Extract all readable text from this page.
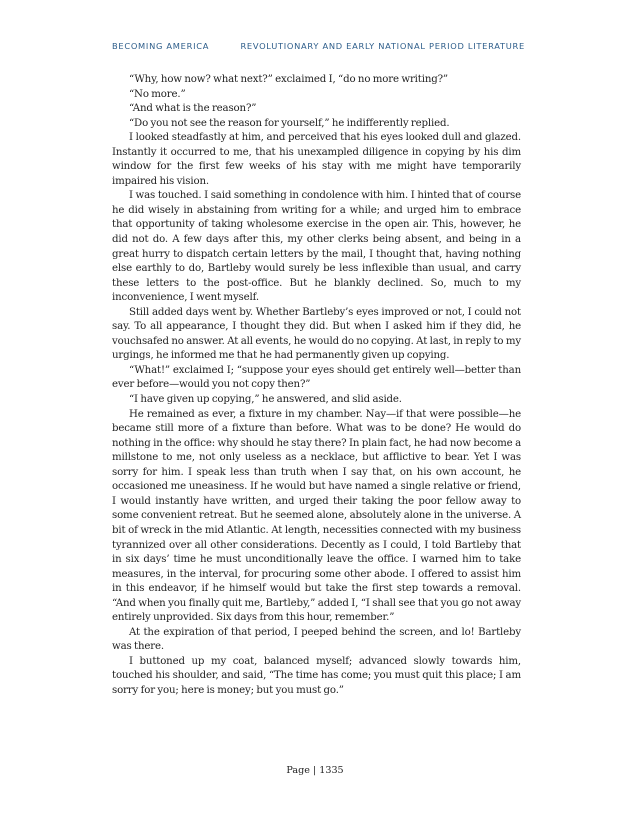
BECOMING AMERICA	REVOLUTIONARY AND EARLY NATIONAL PERIOD LITERATURE

“Why, how now? what next?” exclaimed I, “do no more writing?”

“No more.”

“And what is the reason?”

“Do you not see the reason for yourself,” he indifferently replied.

I looked steadfastly at him, and perceived that his eyes looked dull and glazed. Instantly it occurred to me, that his unexampled diligence in copying by his dim window for the first few weeks of his stay with me might have temporarily impaired his vision.

I was touched. I said something in condolence with him. I hinted that of course he did wisely in abstaining from writing for a while; and urged him to embrace that opportunity of taking wholesome exercise in the open air. This, however, he did not do. A few days after this, my other clerks being absent, and being in a great hurry to dispatch certain letters by the mail, I thought that, having nothing else earthly to do, Bartleby would surely be less inflexible than usual, and carry these letters to the post-office. But he blankly declined. So, much to my inconvenience, I went myself.

Still added days went by. Whether Bartleby’s eyes improved or not, I could not say. To all appearance, I thought they did. But when I asked him if they did, he vouchsafed no answer. At all events, he would do no copying. At last, in reply to my urgings, he informed me that he had permanently given up copying.

“What!” exclaimed I; “suppose your eyes should get entirely well—better than ever before—would you not copy then?”

“I have given up copying,” he answered, and slid aside.

He remained as ever, a fixture in my chamber. Nay—if that were possible—he became still more of a fixture than before. What was to be done? He would do nothing in the office: why should he stay there? In plain fact, he had now become a millstone to me, not only useless as a necklace, but afflictive to bear. Yet I was sorry for him. I speak less than truth when I say that, on his own account, he occasioned me uneasiness. If he would but have named a single relative or friend, I would instantly have written, and urged their taking the poor fellow away to some convenient retreat. But he seemed alone, absolutely alone in the universe. A bit of wreck in the mid Atlantic. At length, necessities connected with my business tyrannized over all other considerations. Decently as I could, I told Bartleby that in six days’ time he must unconditionally leave the office. I warned him to take measures, in the interval, for procuring some other abode. I offered to assist him in this endeavor, if he himself would but take the first step towards a removal. “And when you finally quit me, Bartleby,” added I, “I shall see that you go not away entirely unprovided. Six days from this hour, remember.”

At the expiration of that period, I peeped behind the screen, and lo! Bartleby was there.

I buttoned up my coat, balanced myself; advanced slowly towards him, touched his shoulder, and said, “The time has come; you must quit this place; I am sorry for you; here is money; but you must go.”

Page | 1335
